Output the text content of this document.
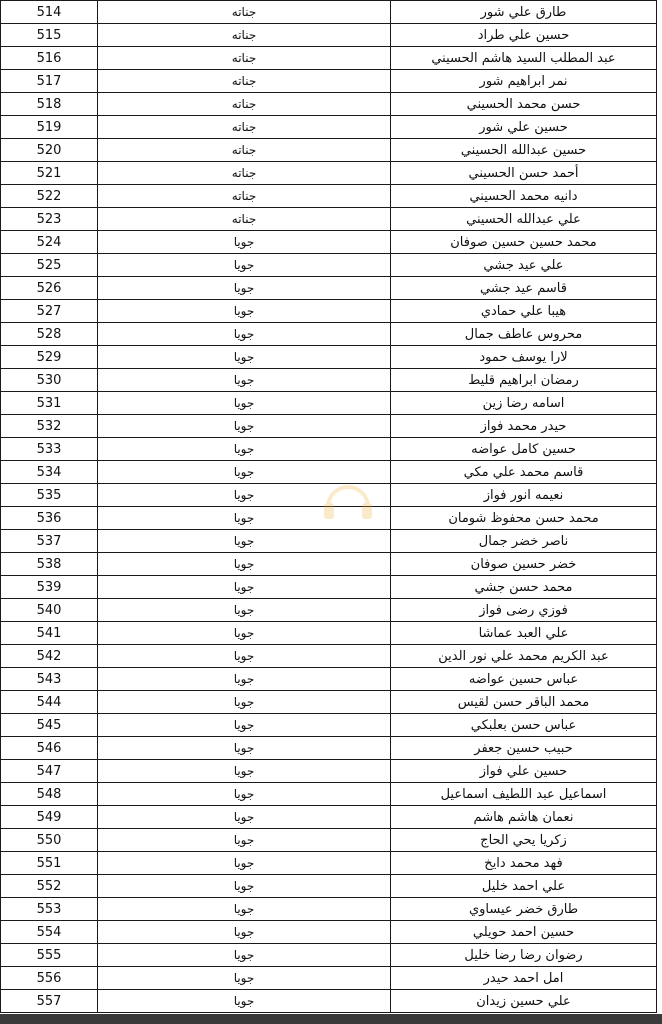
514	جناته	طارق علي شور
515	جناته	حسين علي طراد
516	جناته	عبد المطلب السيد هاشم الحسيني
517	جناته	نمر ابراهيم شور
518	جناته	حسن محمد الحسيني
519	جناته	حسين علي شور
520	جناته	حسين عبدالله الحسيني
521	جناته	أحمد حسن الحسيني
522	جناته	دانيه محمد الحسيني
523	جناته	علي عبدالله الحسيني
524	جويا	محمد حسين حسين صوفان
525	جويا	علي عيد جشي
526	جويا	قاسم عيد جشي
527	جويا	هيبا علي حمادي
528	جويا	محروس عاطف جمال
529	جويا	لارا يوسف حمود
530	جويا	رمضان ابراهيم قليط
531	جويا	اسامه رضا زين
532	جويا	حيدر محمد فواز
533	جويا	حسين كامل عواضه
534	جويا	قاسم محمد علي مكي
535	جويا	نعيمه انور فواز
536	جويا	محمد حسن محفوظ شومان
537	جويا	ناصر خضر جمال
538	جويا	خضر حسين صوفان
539	جويا	محمد حسن جشي
540	جويا	فوزي رضى فواز
541	جويا	علي العبد عماشا
542	جويا	عبد الكريم محمد علي نور الدين
543	جويا	عباس حسين عواضه
544	جويا	محمد الباقر حسن لقيس
545	جويا	عباس حسن بعلبكي
546	جويا	حبيب حسين جعفر
547	جويا	حسين علي فواز
548	جويا	اسماعيل عبد اللطيف اسماعيل
549	جويا	نعمان هاشم هاشم
550	جويا	زكريا يحي الحاج
551	جويا	فهد محمد دايخ
552	جويا	علي احمد خليل
553	جويا	طارق خضر عيساوي
554	جويا	حسين احمد حويلي
555	جويا	رضوان رضا رضا خليل
556	جويا	امل احمد حيدر
557	جويا	علي حسين زيدان
